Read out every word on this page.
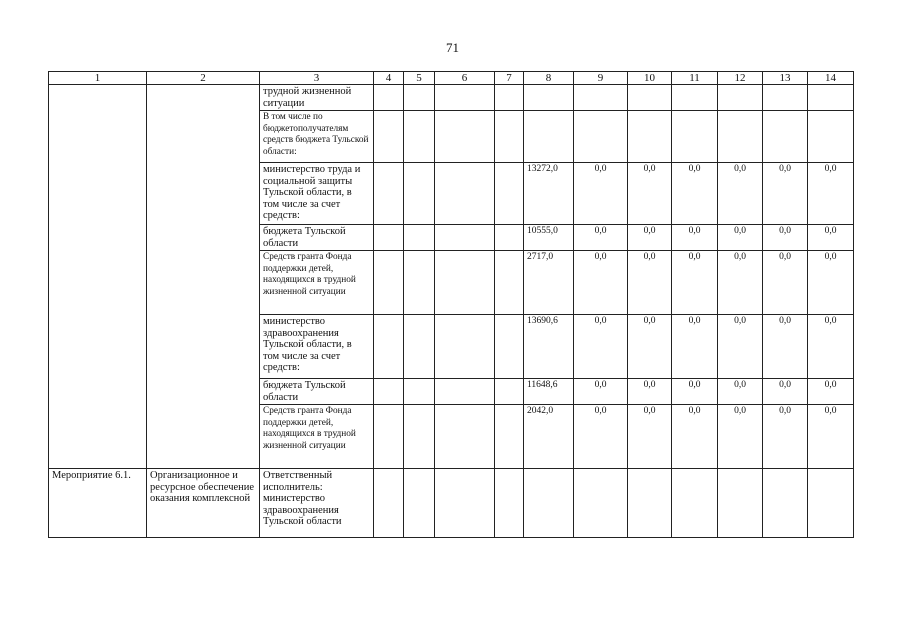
71
1	2	3	4	5	6	7	8	9	10	11	12	13	14
		трудной жизненной ситуации											
		В том числе по бюджетополучателям средств бюджета Тульской области:											
		министерство труда и социальной защиты Тульской области, в том числе за счет средств:					13272,0	0,0	0,0	0,0	0,0	0,0	0,0
		бюджета Тульской области					10555,0	0,0	0,0	0,0	0,0	0,0	0,0
		Средств гранта Фонда поддержки детей, находящихся в трудной жизненной ситуации					2717,0	0,0	0,0	0,0	0,0	0,0	0,0
		министерство здравоохранения Тульской области, в том числе за счет средств:					13690,6	0,0	0,0	0,0	0,0	0,0	0,0
		бюджета Тульской области					11648,6	0,0	0,0	0,0	0,0	0,0	0,0
		Средств гранта Фонда поддержки детей, находящихся в трудной жизненной ситуации					2042,0	0,0	0,0	0,0	0,0	0,0	0,0
Мероприятие 6.1.	Организационное и ресурсное обеспечение оказания комплексной	Ответственный исполнитель: министерство здравоохранения Тульской области											
